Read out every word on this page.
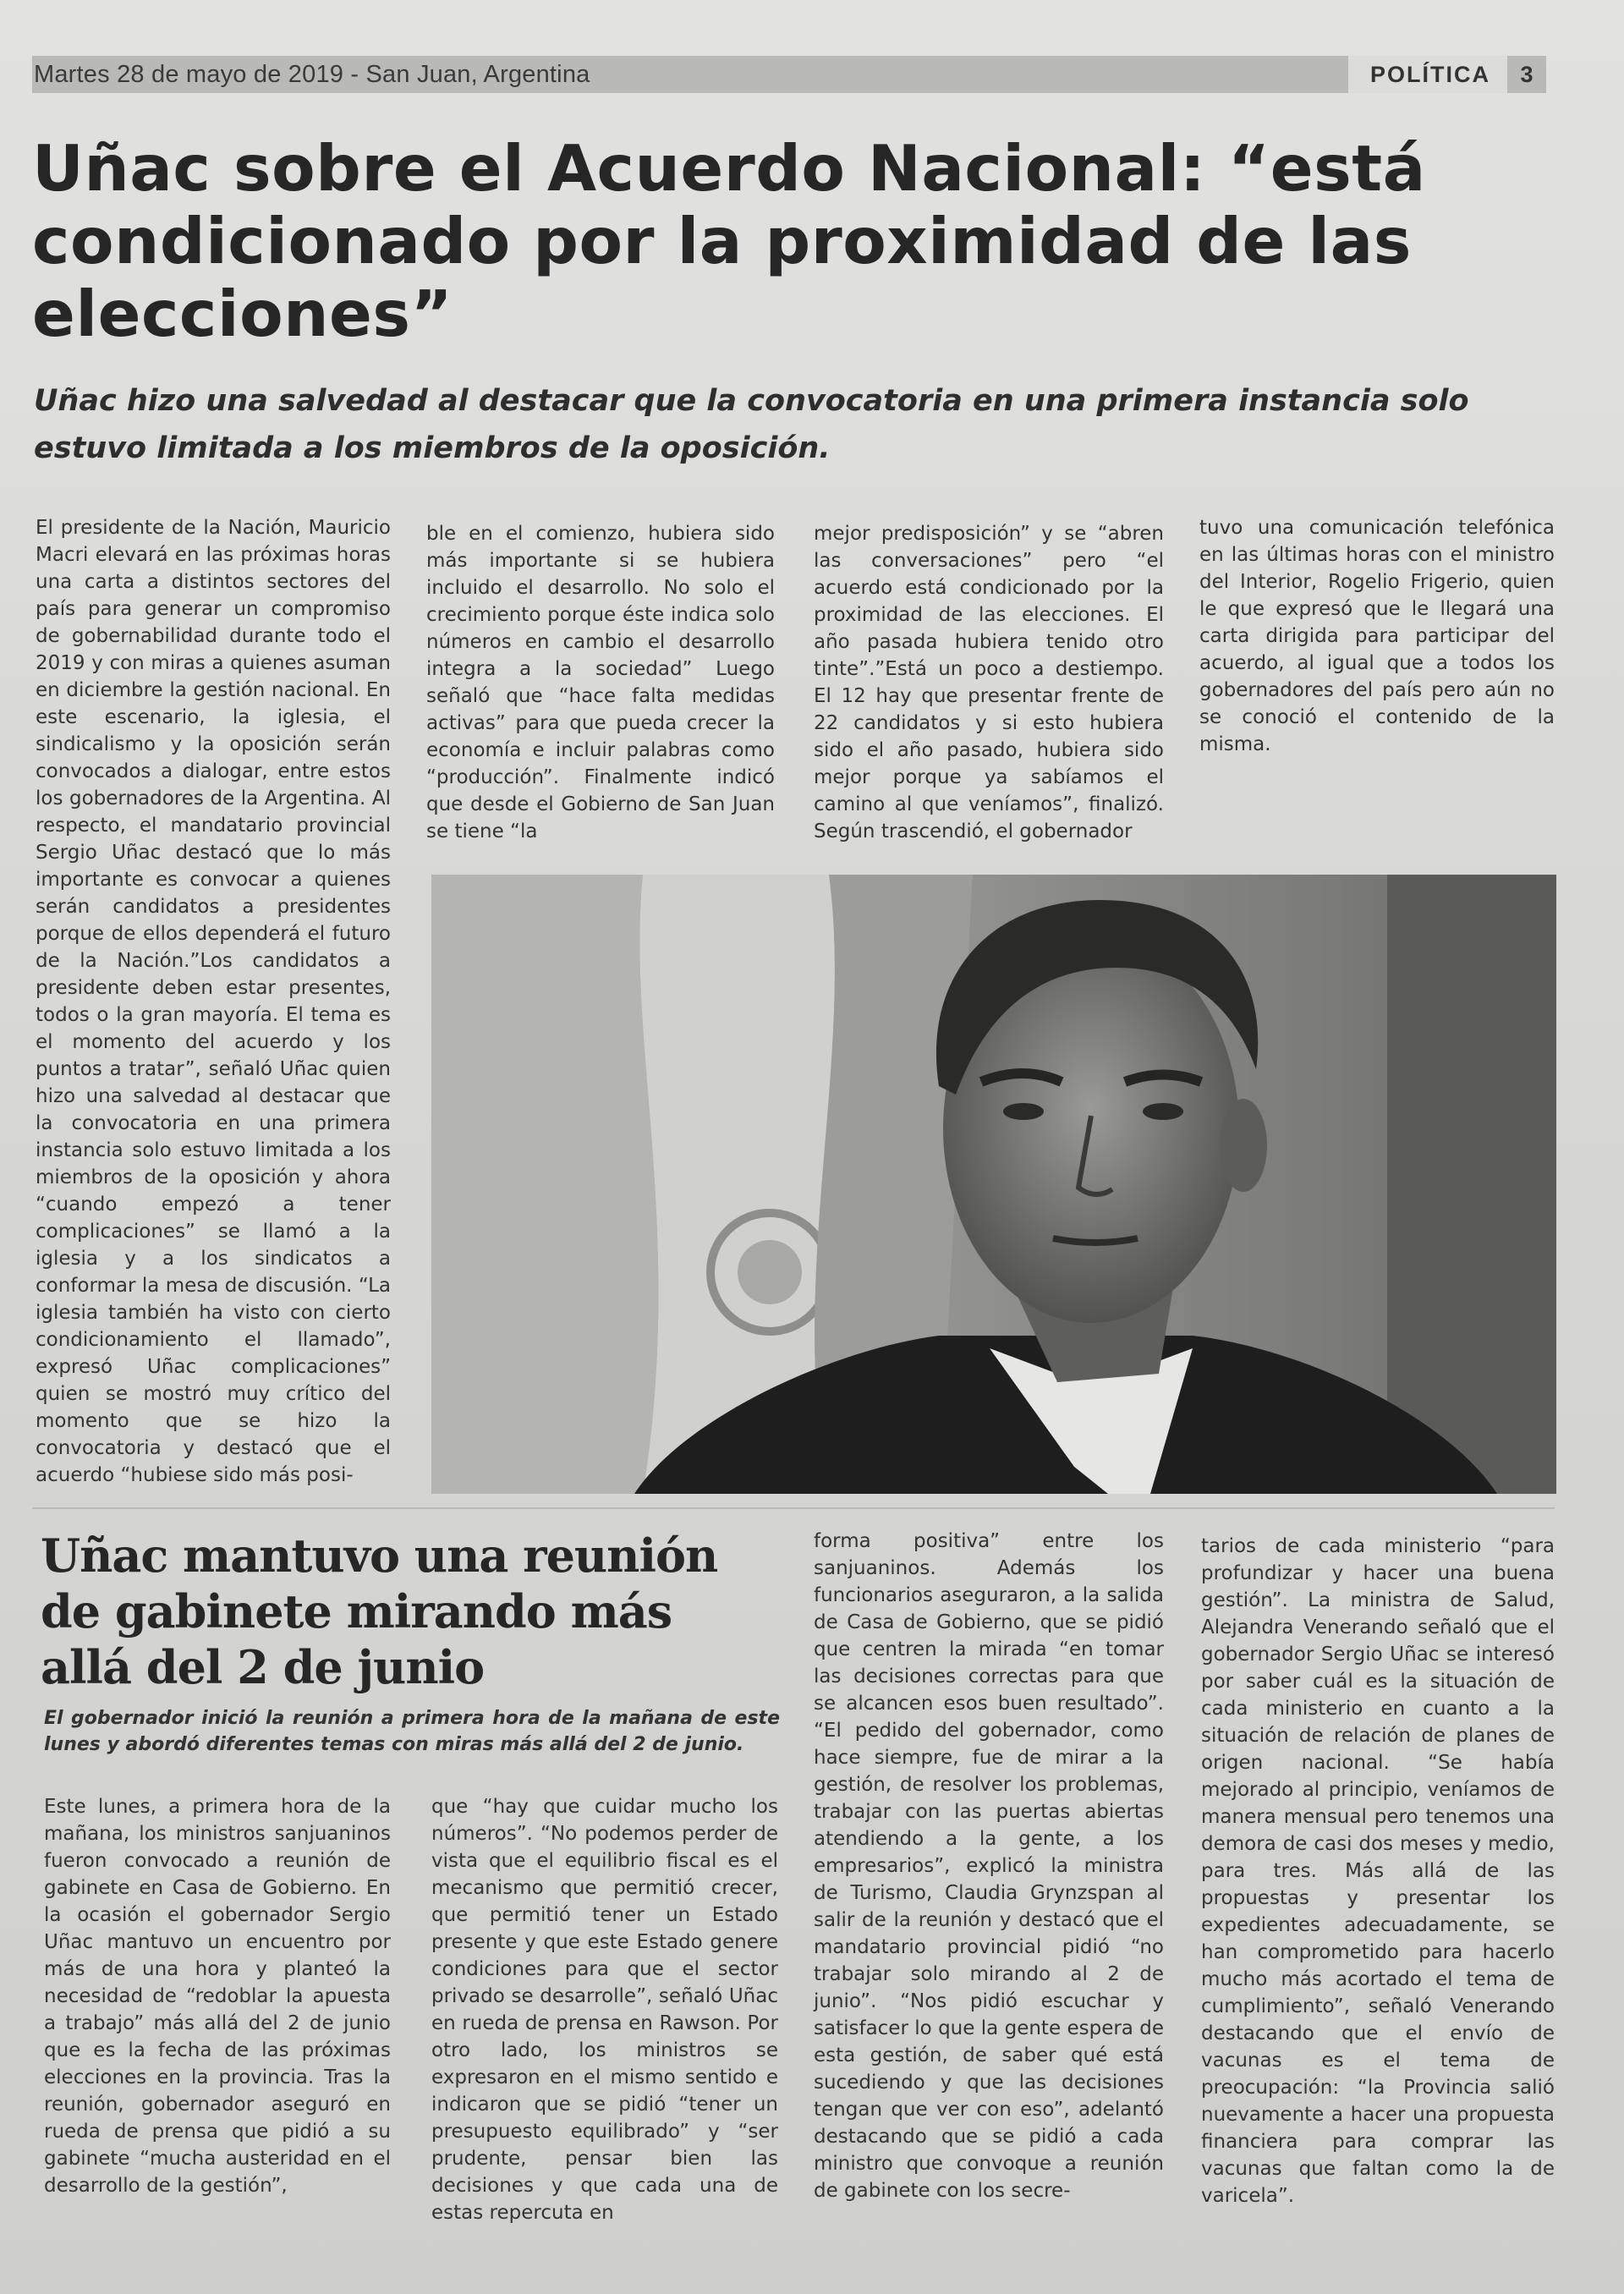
Martes 28 de mayo de 2019 - San Juan, Argentina	POLÍTICA	3
Uñac sobre el Acuerdo Nacional: “está condicionado por la proximidad de las elecciones”

Uñac hizo una salvedad al destacar que la convocatoria en una primera instancia solo estuvo limitada a los miembros de la oposición.

El presidente de la Nación, Mauricio Macri elevará en las próximas horas una carta a distintos sectores del país para generar un compromiso de gobernabilidad durante todo el 2019 y con miras a quienes asuman en diciembre la gestión nacional. En este escenario, la iglesia, el sindicalismo y la oposición serán convocados a dialogar, entre estos los gobernadores de la Argentina. Al respecto, el mandatario provincial Sergio Uñac destacó que lo más importante es convocar a quienes serán candidatos a presidentes porque de ellos dependerá el futuro de la Nación.”Los candidatos a presidente deben estar presentes, todos o la gran mayoría. El tema es el momento del acuerdo y los puntos a tratar”, señaló Uñac quien hizo una salvedad al destacar que la convocatoria en una primera instancia solo estuvo limitada a los miembros de la oposición y ahora “cuando empezó a tener complicaciones” se llamó a la iglesia y a los sindicatos a conformar la mesa de discusión. “La iglesia también ha visto con cierto condicionamiento el llamado”, expresó Uñac complicaciones” quien se mostró muy crítico del momento que se hizo la convocatoria y destacó que el acuerdo “hubiese sido más posi-

ble en el comienzo, hubiera sido más importante si se hubiera incluido el desarrollo. No solo el crecimiento porque éste indica solo números en cambio el desarrollo integra a la sociedad” Luego señaló que “hace falta medidas activas” para que pueda crecer la economía e incluir palabras como “producción”. Finalmente indicó que desde el Gobierno de San Juan se tiene “la

mejor predisposición” y se “abren las conversaciones” pero “el acuerdo está condicionado por la proximidad de las elecciones. El año pasada hubiera tenido otro tinte”.”Está un poco a destiempo. El 12 hay que presentar frente de 22 candidatos y si esto hubiera sido el año pasado, hubiera sido mejor porque ya sabíamos el camino al que veníamos”, finalizó. Según trascendió, el gobernador

tuvo una comunicación telefónica en las últimas horas con el ministro del Interior, Rogelio Frigerio, quien le que expresó que le llegará una carta dirigida para participar del acuerdo, al igual que a todos los gobernadores del país pero aún no se conoció el contenido de la misma.

Uñac mantuvo una reunión de gabinete mirando más allá del 2 de junio

El gobernador inició la reunión a primera hora de la mañana de este lunes y abordó diferentes temas con miras más allá del 2 de junio.

Este lunes, a primera hora de la mañana, los ministros sanjuaninos fueron convocado a reunión de gabinete en Casa de Gobierno. En la ocasión el gobernador Sergio Uñac mantuvo un encuentro por más de una hora y planteó la necesidad de “redoblar la apuesta a trabajo” más allá del 2 de junio que es la fecha de las próximas elecciones en la provincia. Tras la reunión, gobernador aseguró en rueda de prensa que pidió a su gabinete “mucha austeridad en el desarrollo de la gestión”,

que “hay que cuidar mucho los números”. “No podemos perder de vista que el equilibrio fiscal es el mecanismo que permitió crecer, que permitió tener un Estado presente y que este Estado genere condiciones para que el sector privado se desarrolle”, señaló Uñac en rueda de prensa en Rawson. Por otro lado, los ministros se expresaron en el mismo sentido e indicaron que se pidió “tener un presupuesto equilibrado” y “ser prudente, pensar bien las decisiones y que cada una de estas repercuta en

forma positiva” entre los sanjuaninos. Además los funcionarios aseguraron, a la salida de Casa de Gobierno, que se pidió que centren la mirada “en tomar las decisiones correctas para que se alcancen esos buen resultado”. “El pedido del gobernador, como hace siempre, fue de mirar a la gestión, de resolver los problemas, trabajar con las puertas abiertas atendiendo a la gente, a los empresarios”, explicó la ministra de Turismo, Claudia Grynzspan al salir de la reunión y destacó que el mandatario provincial pidió “no trabajar solo mirando al 2 de junio”. “Nos pidió escuchar y satisfacer lo que la gente espera de esta gestión, de saber qué está sucediendo y que las decisiones tengan que ver con eso”, adelantó destacando que se pidió a cada ministro que convoque a reunión de gabinete con los secre-

tarios de cada ministerio “para profundizar y hacer una buena gestión”. La ministra de Salud, Alejandra Venerando señaló que el gobernador Sergio Uñac se interesó por saber cuál es la situación de cada ministerio en cuanto a la situación de relación de planes de origen nacional. “Se había mejorado al principio, veníamos de manera mensual pero tenemos una demora de casi dos meses y medio, para tres. Más allá de las propuestas y presentar los expedientes adecuadamente, se han comprometido para hacerlo mucho más acortado el tema de cumplimiento”, señaló Venerando destacando que el envío de vacunas es el tema de preocupación: “la Provincia salió nuevamente a hacer una propuesta financiera para comprar las vacunas que faltan como la de varicela”.
